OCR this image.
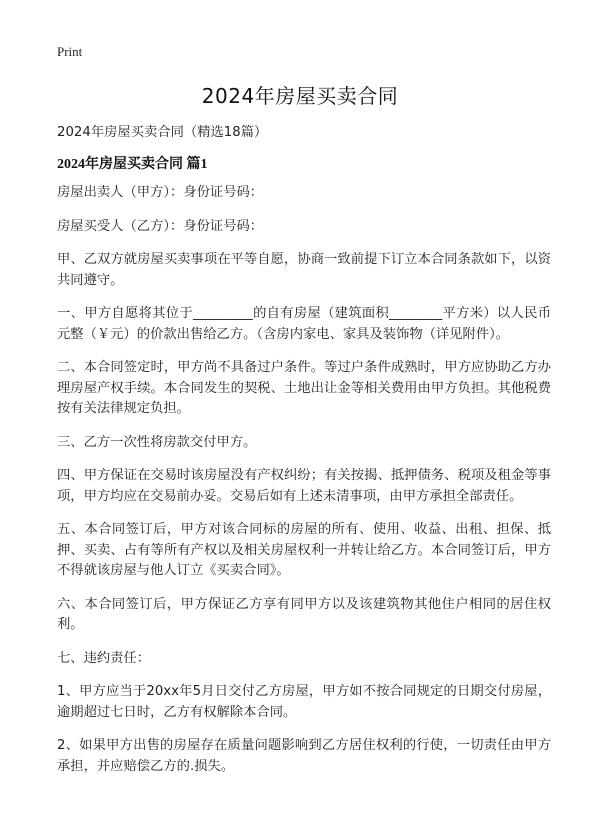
Print
2024年房屋买卖合同
2024年房屋买卖合同（精选18篇）
2024年房屋买卖合同 篇1

房屋出卖人（甲方）：身份证号码：

房屋买受人（乙方）：身份证号码：

甲、乙双方就房屋买卖事项在平等自愿，协商一致前提下订立本合同条款如下，以资共同遵守。

一、甲方自愿将其位于_________的自有房屋（建筑面积________平方米）以人民币元整（￥元）的价款出售给乙方。（含房内家电、家具及装饰物（详见附件）。

二、本合同签定时，甲方尚不具备过户条件。等过户条件成熟时，甲方应协助乙方办理房屋产权手续。本合同发生的契税、土地出让金等相关费用由甲方负担。其他税费按有关法律规定负担。

三、乙方一次性将房款交付甲方。

四、甲方保证在交易时该房屋没有产权纠纷；有关按揭、抵押债务、税项及租金等事项，甲方均应在交易前办妥。交易后如有上述未清事项，由甲方承担全部责任。

五、本合同签订后，甲方对该合同标的房屋的所有、使用、收益、出租、担保、抵押、买卖、占有等所有产权以及相关房屋权利一并转让给乙方。本合同签订后，甲方不得就该房屋与他人订立《买卖合同》。

六、本合同签订后，甲方保证乙方享有同甲方以及该建筑物其他住户相同的居住权利。

七、违约责任：

1、甲方应当于20xx年5月日交付乙方房屋，甲方如不按合同规定的日期交付房屋，逾期超过七日时，乙方有权解除本合同。

2、如果甲方出售的房屋存在质量问题影响到乙方居住权利的行使，一切责任由甲方承担，并应赔偿乙方的.损失。
